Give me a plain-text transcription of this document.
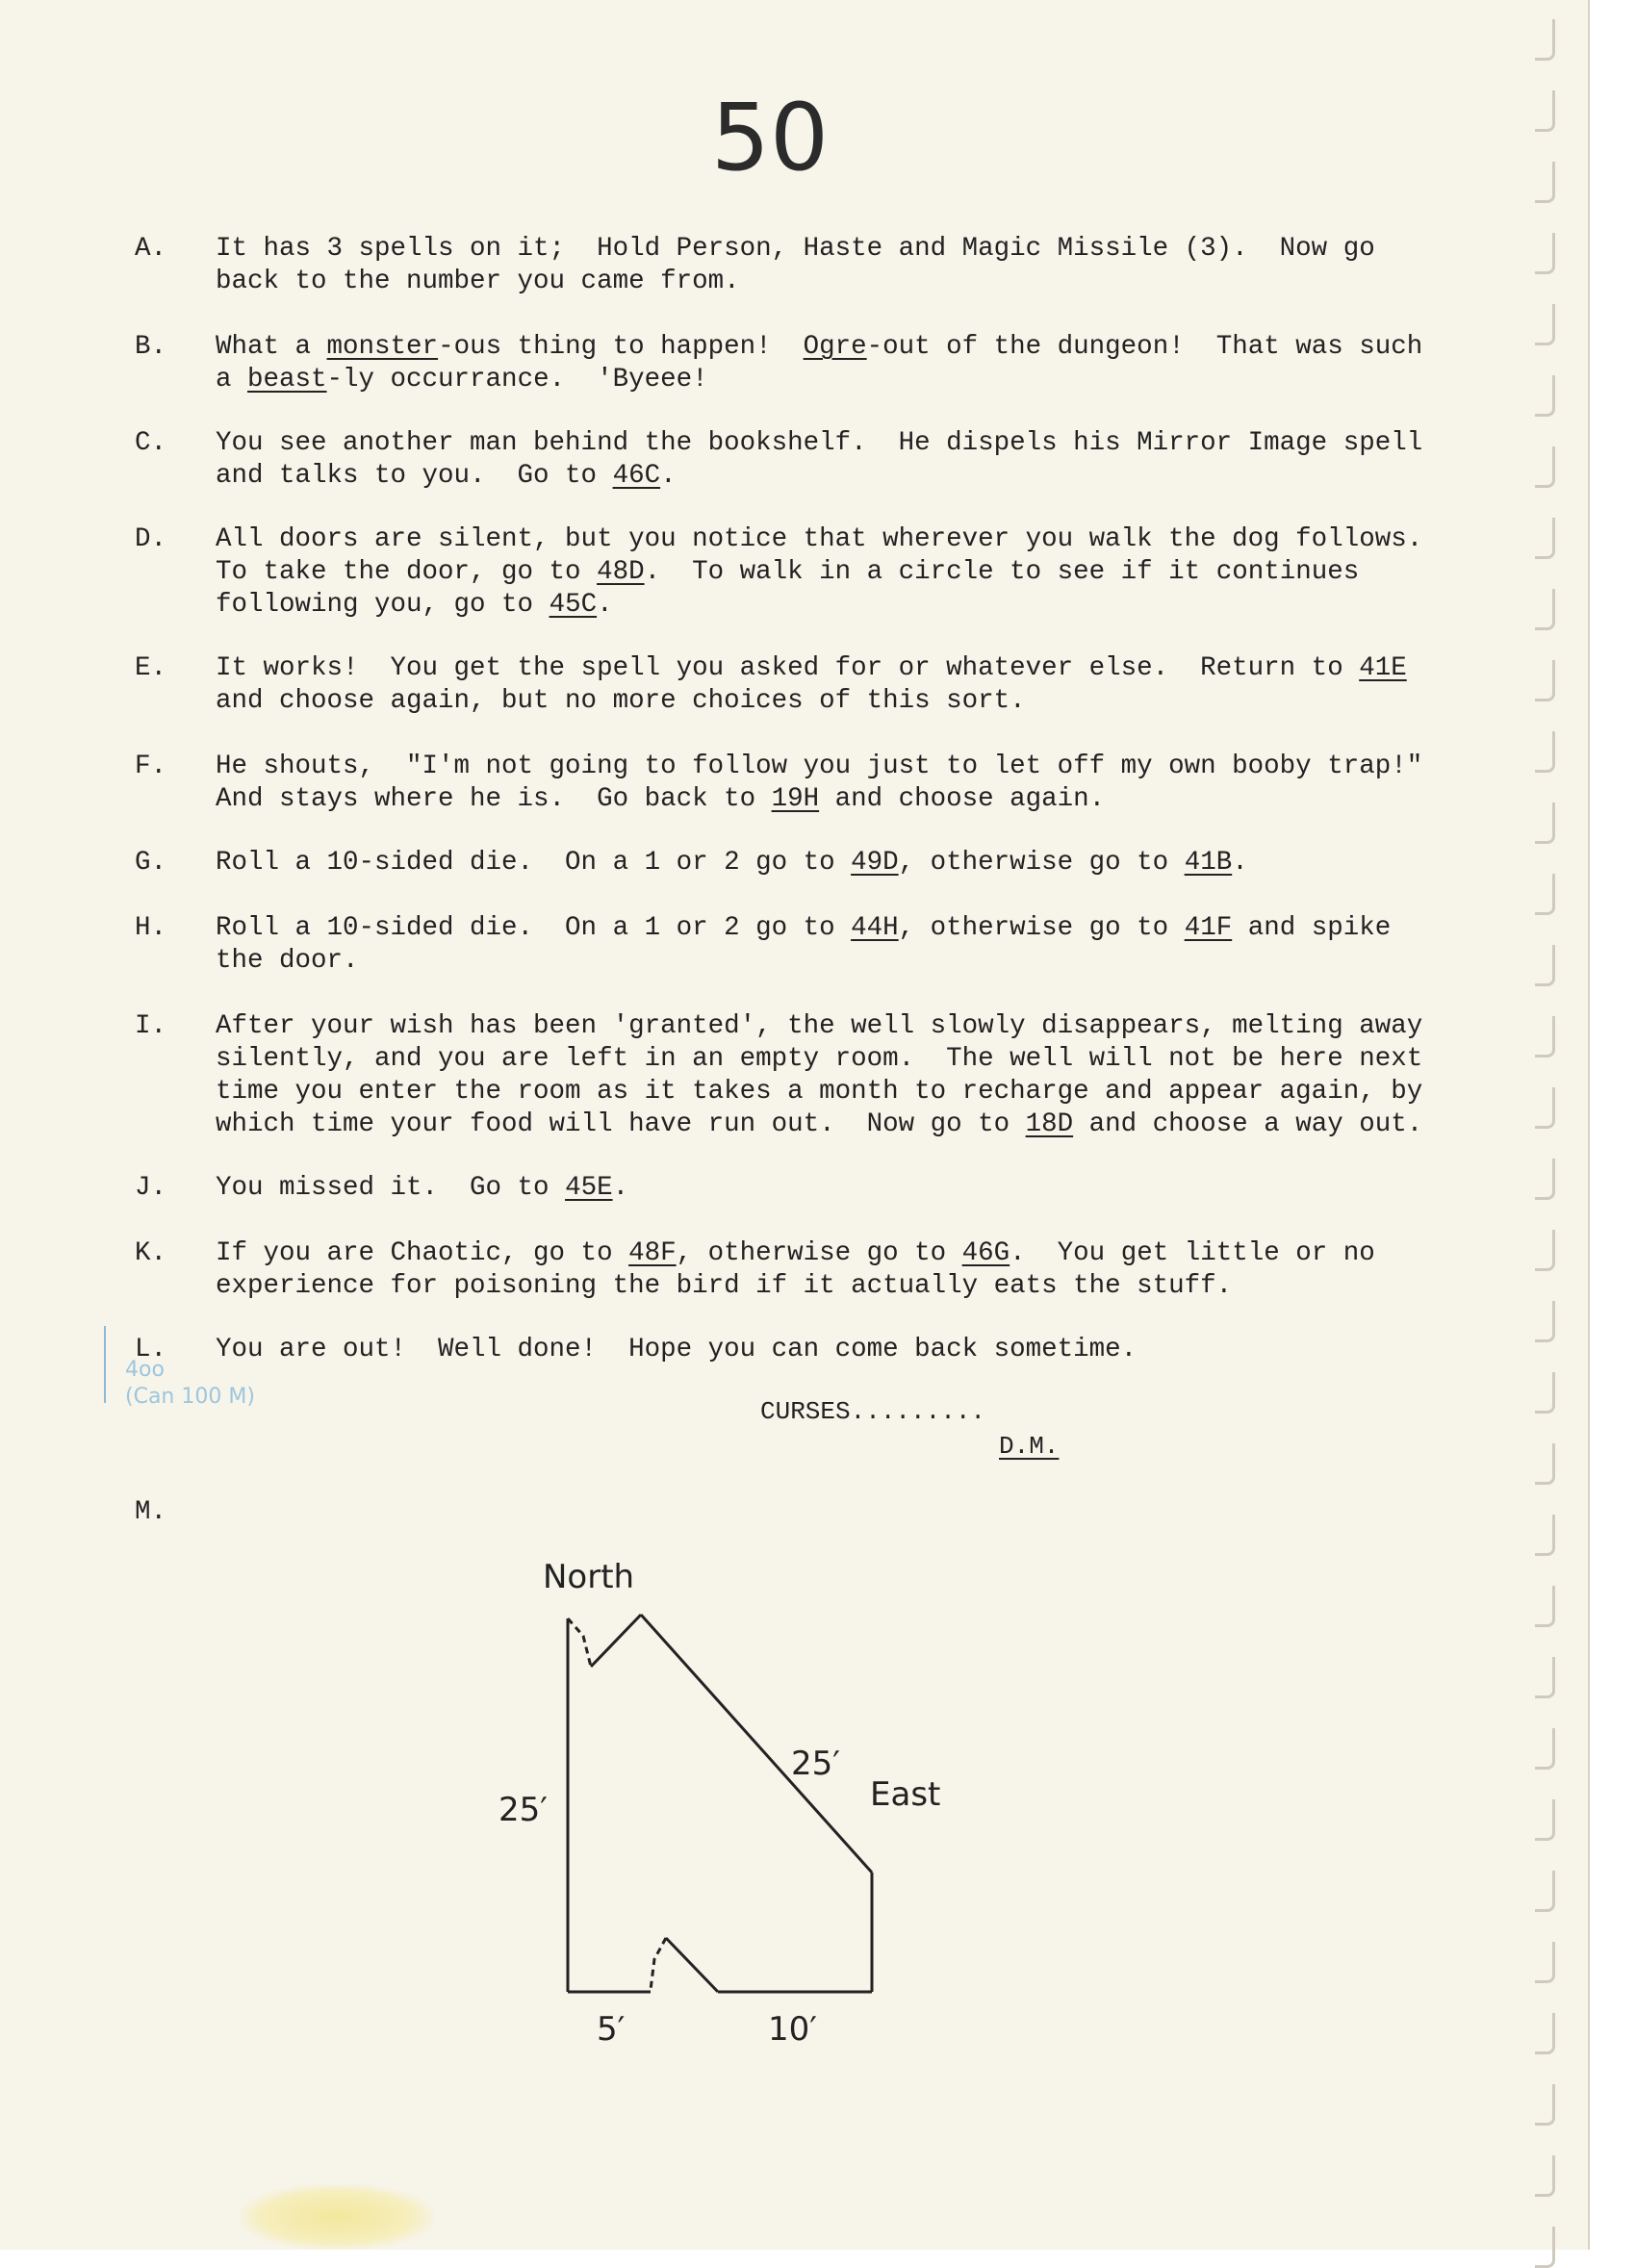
50
A. It has 3 spells on it;  Hold Person, Haste and Magic Missile (3).  Now go
back to the number you came from.
B. What a monster-ous thing to happen!  Ogre-out of the dungeon!  That was such
a beast-ly occurrance.  'Byeee!
C. You see another man behind the bookshelf.  He dispels his Mirror Image spell
and talks to you.  Go to 46C.
D. All doors are silent, but you notice that wherever you walk the dog follows.
To take the door, go to 48D.  To walk in a circle to see if it continues
following you, go to 45C.
E. It works!  You get the spell you asked for or whatever else.  Return to 41E
and choose again, but no more choices of this sort.
F. He shouts,  "I'm not going to follow you just to let off my own booby trap!"
And stays where he is.  Go back to 19H and choose again.
G. Roll a 10-sided die.  On a 1 or 2 go to 49D, otherwise go to 41B.
H. Roll a 10-sided die.  On a 1 or 2 go to 44H, otherwise go to 41F and spike
the door.
I. After your wish has been 'granted', the well slowly disappears, melting away
silently, and you are left in an empty room.  The well will not be here next
time you enter the room as it takes a month to recharge and appear again, by
which time your food will have run out.  Now go to 18D and choose a way out.
J. You missed it.  Go to 45E.
K. If you are Chaotic, go to 48F, otherwise go to 46G.  You get little or no
experience for poisoning the bird if it actually eats the stuff.
L. You are out!  Well done!  Hope you can come back sometime.
4oo
(Can 100 M)
CURSES.........
D.M.
M.
North
East
25′
25′
5′	10′
